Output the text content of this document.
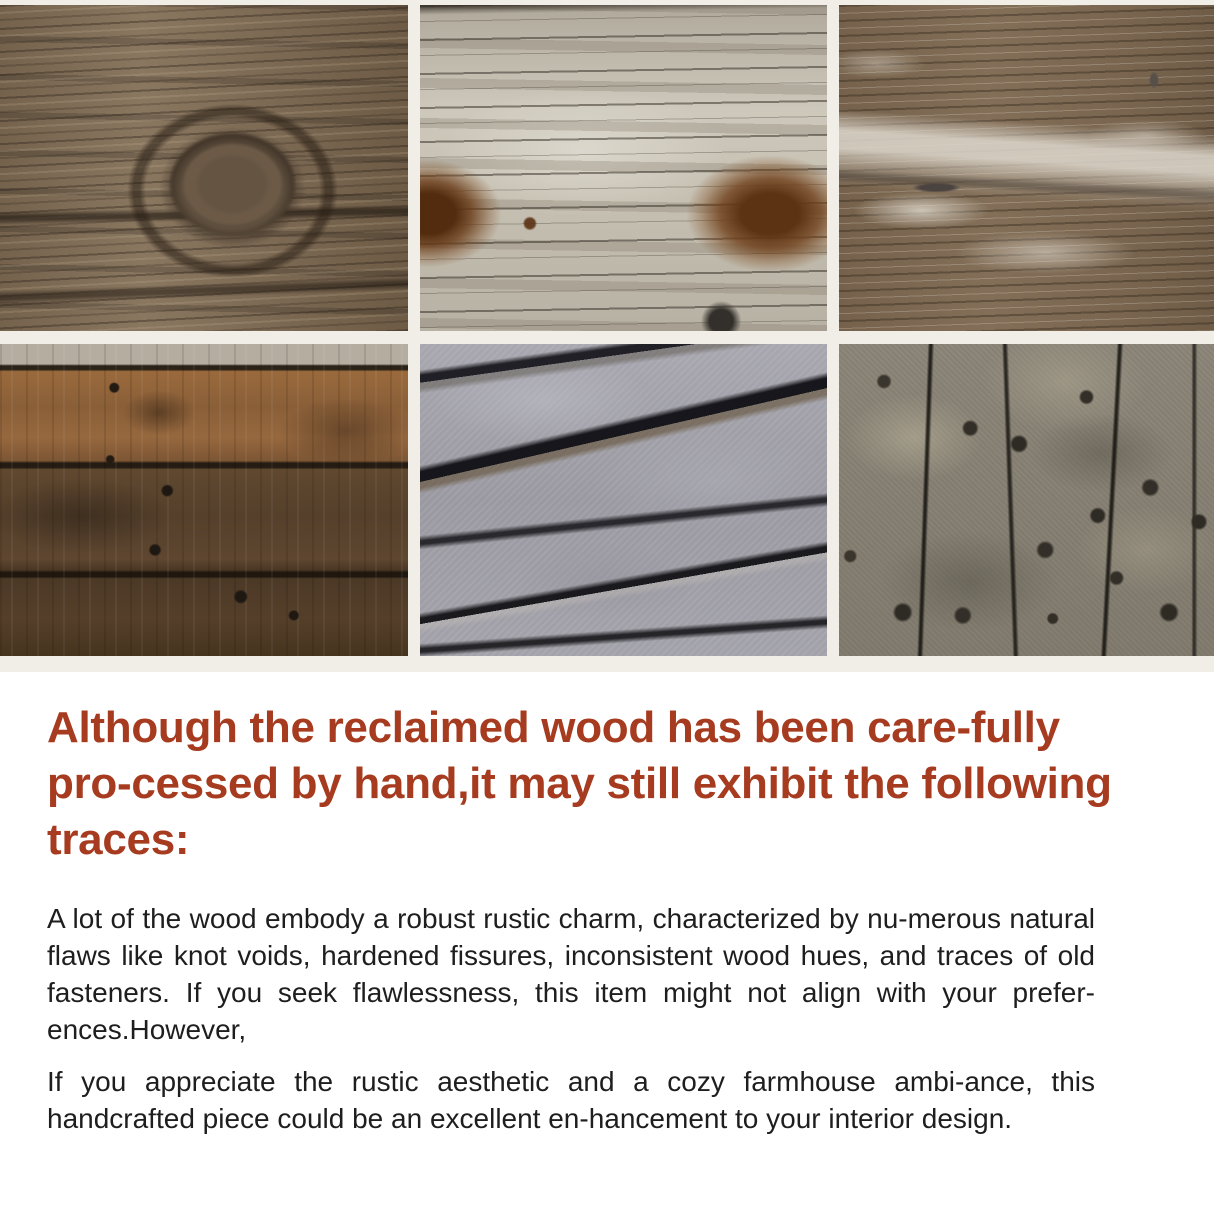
Although the reclaimed wood has been care-fully pro-cessed by hand,it may still exhibit the following traces:

A lot of the wood embody a robust rustic charm, characterized by nu-merous natural flaws like knot voids, hardened fissures, inconsistent wood hues, and traces of old fasteners. If you seek flawlessness, this item might not align with your prefer-ences.However,

If you appreciate the rustic aesthetic and a cozy farmhouse ambi-ance, this handcrafted piece could be an excellent en-hancement to your interior design.
